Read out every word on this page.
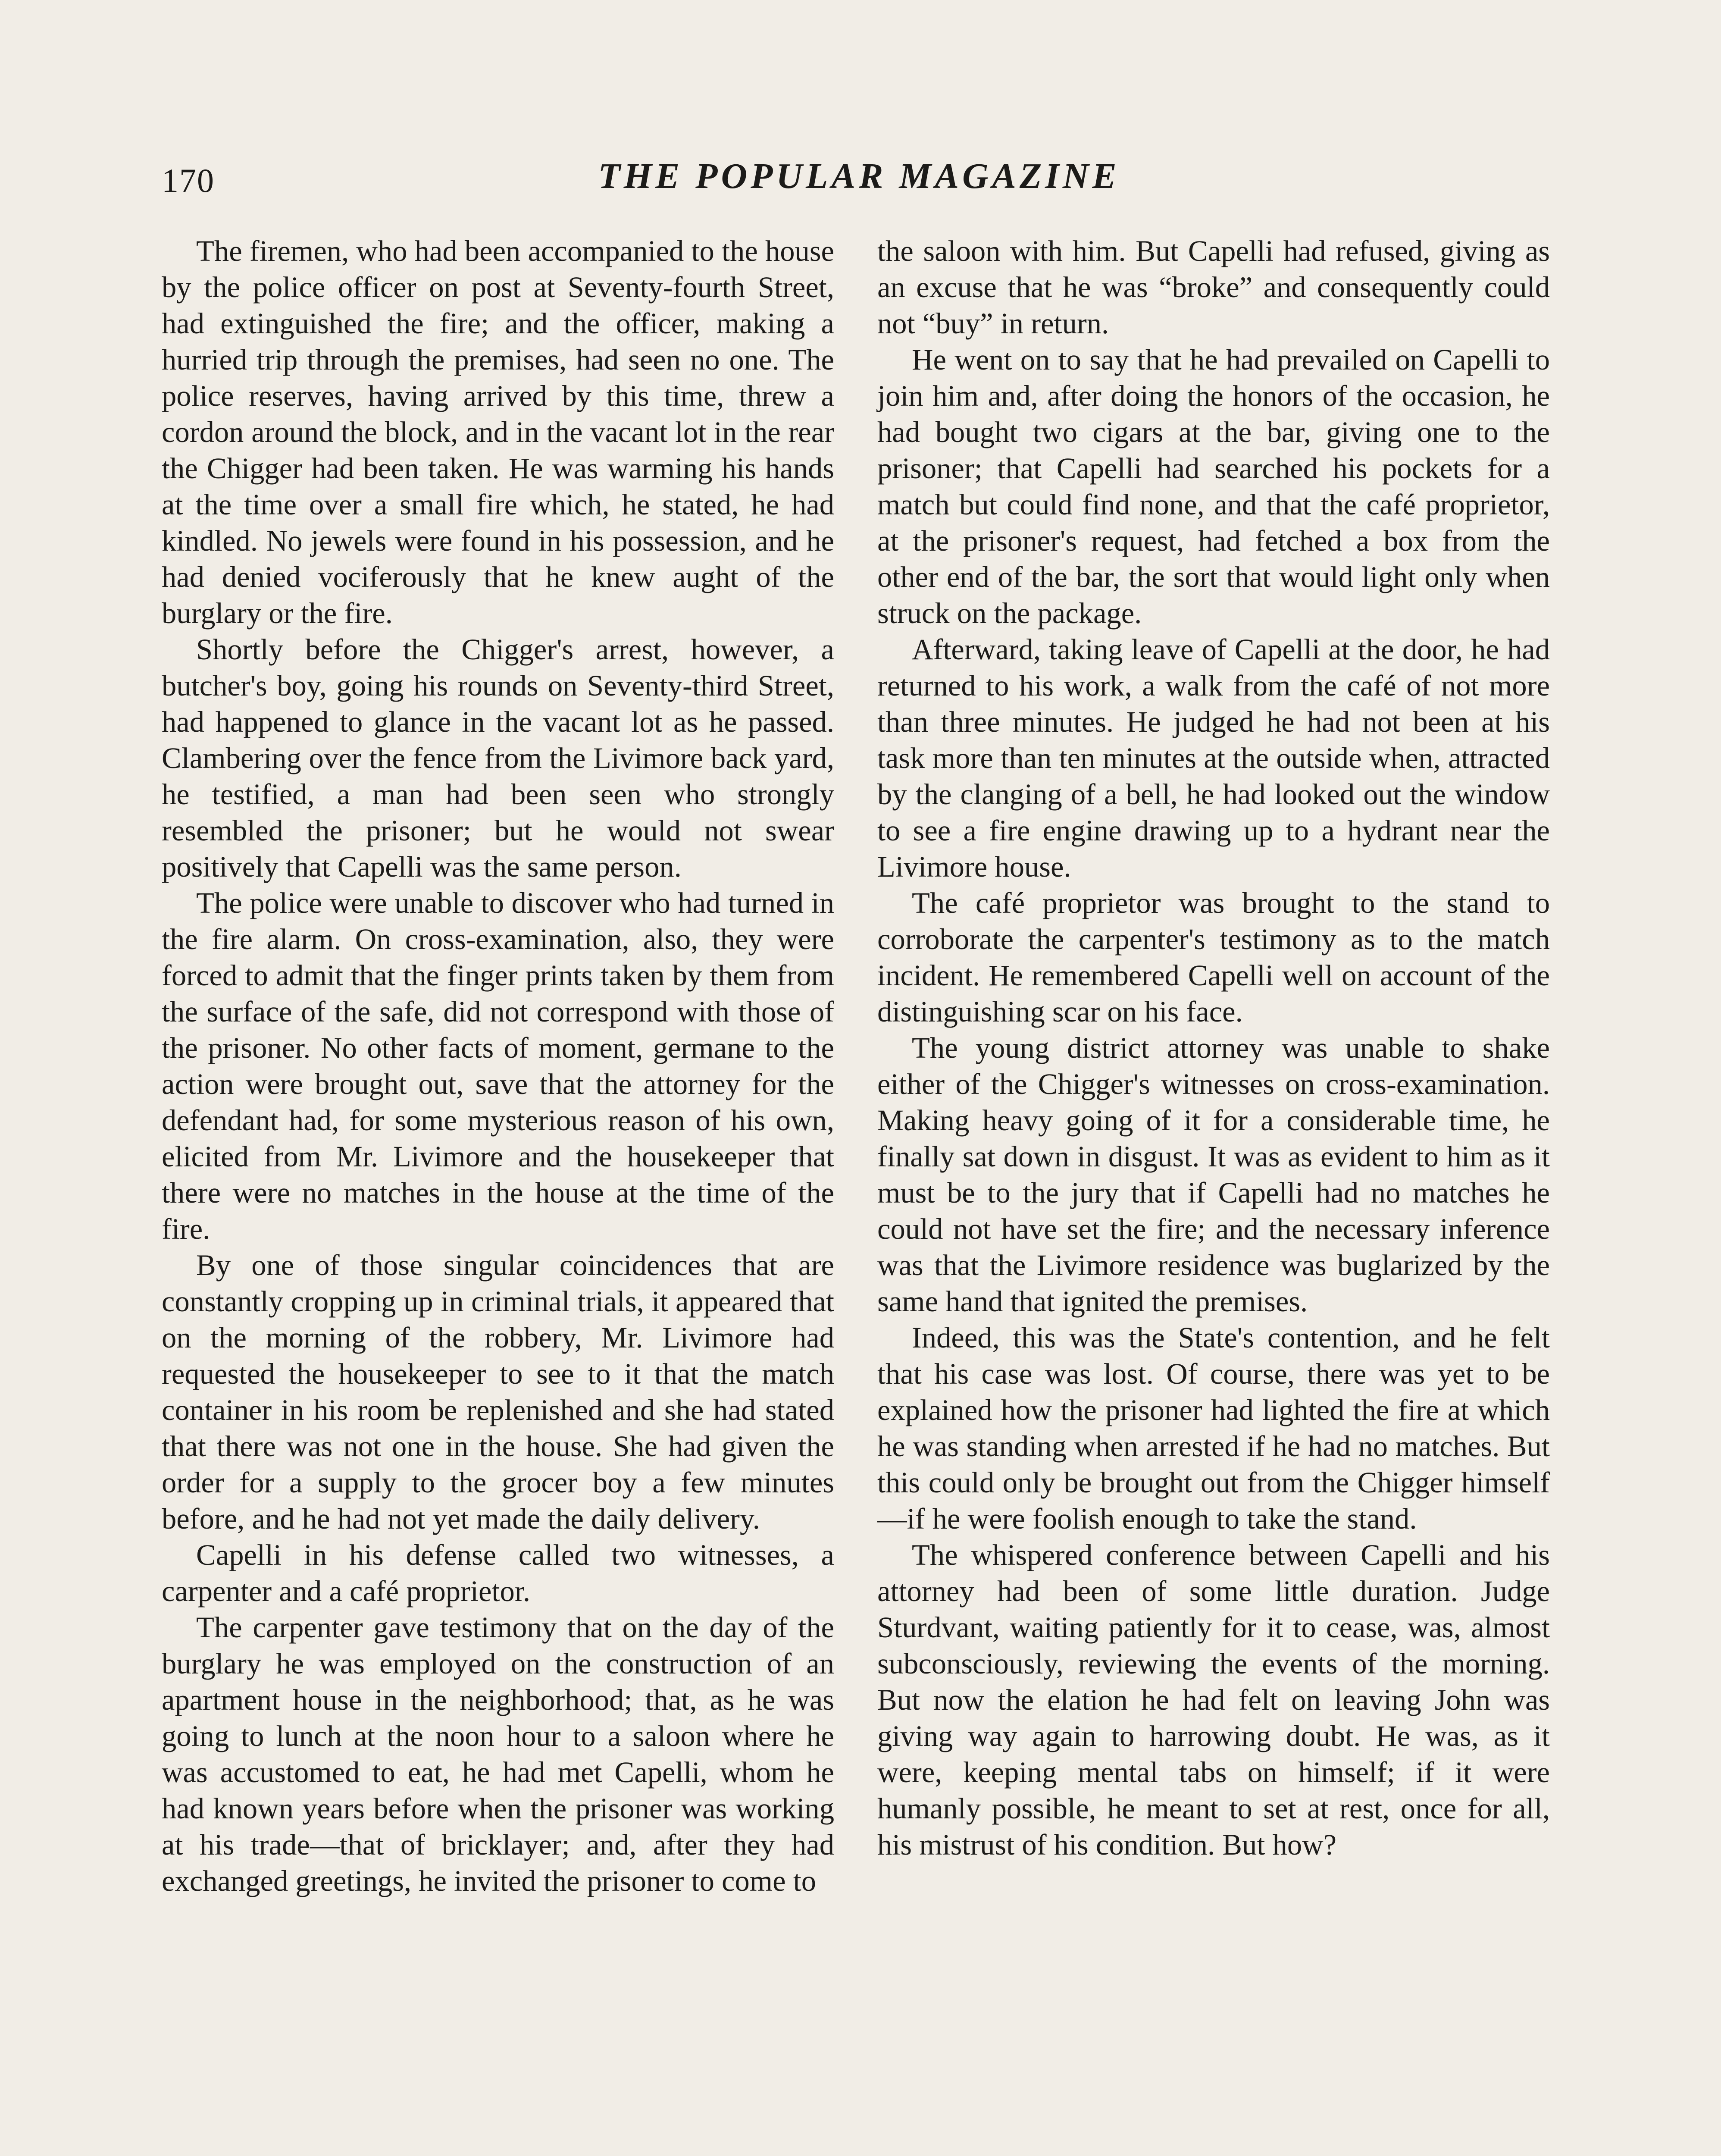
170	THE POPULAR MAGAZINE

The firemen, who had been accompanied to the house by the police officer on post at Seventy-fourth Street, had extinguished the fire; and the officer, making a hurried trip through the premises, had seen no one. The police reserves, having arrived by this time, threw a cordon around the block, and in the vacant lot in the rear the Chigger had been taken. He was warming his hands at the time over a small fire which, he stated, he had kindled. No jewels were found in his possession, and he had denied vociferously that he knew aught of the burglary or the fire.

Shortly before the Chigger's arrest, however, a butcher's boy, going his rounds on Seventy-third Street, had happened to glance in the vacant lot as he passed. Clambering over the fence from the Livimore back yard, he testified, a man had been seen who strongly resembled the prisoner; but he would not swear positively that Capelli was the same person.

The police were unable to discover who had turned in the fire alarm. On cross-examination, also, they were forced to admit that the finger prints taken by them from the surface of the safe, did not correspond with those of the prisoner. No other facts of moment, germane to the action were brought out, save that the attorney for the defendant had, for some mysterious reason of his own, elicited from Mr. Livimore and the housekeeper that there were no matches in the house at the time of the fire.

By one of those singular coincidences that are constantly cropping up in criminal trials, it appeared that on the morning of the robbery, Mr. Livimore had requested the housekeeper to see to it that the match container in his room be replenished and she had stated that there was not one in the house. She had given the order for a supply to the grocer boy a few minutes before, and he had not yet made the daily delivery.

Capelli in his defense called two witnesses, a carpenter and a café proprietor.

The carpenter gave testimony that on the day of the burglary he was employed on the construction of an apartment house in the neighborhood; that, as he was going to lunch at the noon hour to a saloon where he was accustomed to eat, he had met Capelli, whom he had known years before when the prisoner was working at his trade—that of bricklayer; and, after they had exchanged greetings, he invited the prisoner to come to

the saloon with him. But Capelli had refused, giving as an excuse that he was “broke” and consequently could not “buy” in return.

He went on to say that he had prevailed on Capelli to join him and, after doing the honors of the occasion, he had bought two cigars at the bar, giving one to the prisoner; that Capelli had searched his pockets for a match but could find none, and that the café proprietor, at the prisoner's request, had fetched a box from the other end of the bar, the sort that would light only when struck on the package.

Afterward, taking leave of Capelli at the door, he had returned to his work, a walk from the café of not more than three minutes. He judged he had not been at his task more than ten minutes at the outside when, attracted by the clanging of a bell, he had looked out the window to see a fire engine drawing up to a hydrant near the Livimore house.

The café proprietor was brought to the stand to corroborate the carpenter's testimony as to the match incident. He remembered Capelli well on account of the distinguishing scar on his face.

The young district attorney was unable to shake either of the Chigger's witnesses on cross-examination. Making heavy going of it for a considerable time, he finally sat down in disgust. It was as evident to him as it must be to the jury that if Capelli had no matches he could not have set the fire; and the necessary inference was that the Livimore residence was buglarized by the same hand that ignited the premises.

Indeed, this was the State's contention, and he felt that his case was lost. Of course, there was yet to be explained how the prisoner had lighted the fire at which he was standing when arrested if he had no matches. But this could only be brought out from the Chigger himself—if he were foolish enough to take the stand.

The whispered conference between Capelli and his attorney had been of some little duration. Judge Sturdvant, waiting patiently for it to cease, was, almost subconsciously, reviewing the events of the morning. But now the elation he had felt on leaving John was giving way again to harrowing doubt. He was, as it were, keeping mental tabs on himself; if it were humanly possible, he meant to set at rest, once for all, his mistrust of his condition. But how?
